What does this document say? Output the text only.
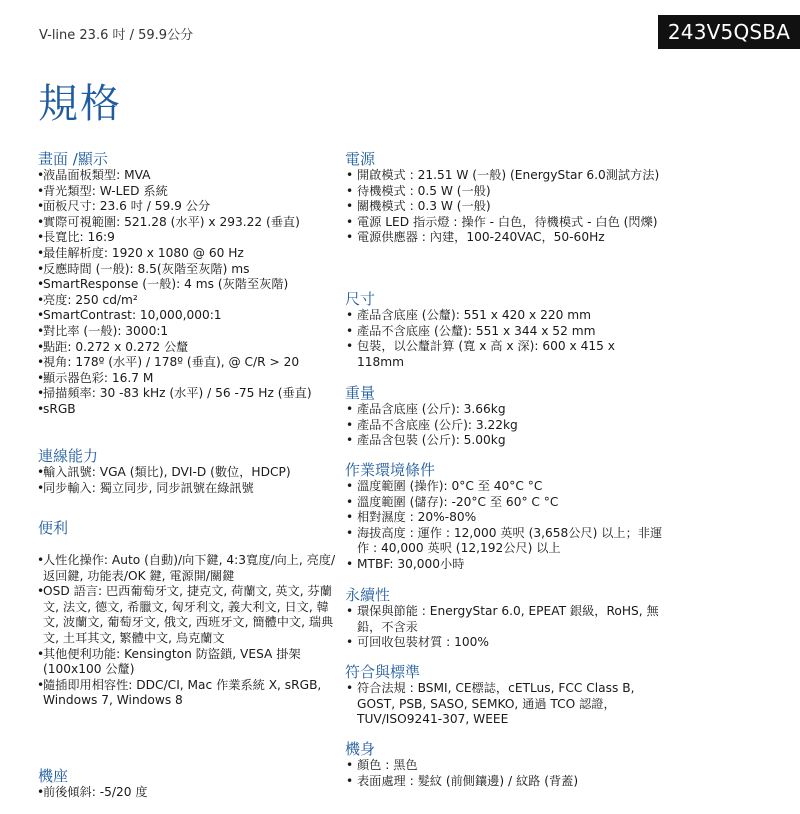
V-line 23.6 吋 / 59.9公分	243V5QSBA
規格
畫面 /顯示
• 液晶面板類型: MVA
• 背光類型: W-LED 系統
• 面板尺寸: 23.6 吋 / 59.9 公分
• 實際可視範圍: 521.28 (水平) x 293.22 (垂直)
• 長寬比: 16:9
• 最佳解析度: 1920 x 1080 @ 60 Hz
• 反應時間 (一般): 8.5(灰階至灰階) ms
• SmartResponse (一般): 4 ms (灰階至灰階)
• 亮度: 250 cd/m²
• SmartContrast: 10,000,000:1
• 對比率 (一般): 3000:1
• 點距: 0.272 x 0.272 公釐
• 視角: 178º (水平) / 178º (垂直), @ C/R > 20
• 顯示器色彩: 16.7 M
• 掃描頻率: 30 -83 kHz (水平) / 56 -75 Hz (垂直)
• sRGB
連線能力
• 輸入訊號: VGA (類比), DVI-D (數位，HDCP)
• 同步輸入: 獨立同步, 同步訊號在綠訊號
便利
• 人性化操作: Auto (自動)/向下鍵, 4:3寬度/向上, 亮度/返回鍵, 功能表/OK 鍵, 電源開/關鍵
• OSD 語言: 巴西葡萄牙文, 捷克文, 荷蘭文, 英文, 芬蘭文, 法文, 德文, 希臘文, 匈牙利文, 義大利文, 日文, 韓文, 波蘭文, 葡萄牙文, 俄文, 西班牙文, 簡體中文, 瑞典文, 土耳其文, 繁體中文, 烏克蘭文
• 其他便利功能: Kensington 防盜鎖, VESA 掛架 (100x100 公釐)
• 隨插即用相容性: DDC/CI, Mac 作業系統 X, sRGB, Windows 7, Windows 8
機座
• 前後傾斜: -5/20 度
電源
• 開啟模式 : 21.51 W (一般) (EnergyStar 6.0測試方法)
• 待機模式 : 0.5 W (一般)
• 關機模式 : 0.3 W (一般)
• 電源 LED 指示燈 : 操作 - 白色，待機模式 - 白色 (閃爍)
• 電源供應器 : 內建，100-240VAC，50-60Hz
尺寸
• 產品含底座 (公釐): 551 x 420 x 220 mm
• 產品不含底座 (公釐): 551 x 344 x 52 mm
• 包裝，以公釐計算 (寬 x 高 x 深): 600 x 415 x 118mm
重量
• 產品含底座 (公斤): 3.66kg
• 產品不含底座 (公斤): 3.22kg
• 產品含包裝 (公斤): 5.00kg
作業環境條件
• 溫度範圍 (操作): 0°C 至 40°C °C
• 溫度範圍 (儲存): -20°C 至 60° C °C
• 相對濕度 : 20%-80%
• 海拔高度 : 運作 : 12,000 英呎 (3,658公尺) 以上；非運作 : 40,000 英呎 (12,192公尺) 以上
• MTBF: 30,000小時
永續性
• 環保與節能 : EnergyStar 6.0, EPEAT 銀級，RoHS, 無鉛，不含汞
• 可回收包裝材質 : 100%
符合與標準
• 符合法規 : BSMI, CE標誌，cETLus, FCC Class B, GOST, PSB, SASO, SEMKO, 通過 TCO 認證，TUV/ISO9241-307, WEEE
機身
• 顏色 : 黑色
• 表面處理 : 髮紋 (前側鑲邊) / 紋路 (背蓋)
